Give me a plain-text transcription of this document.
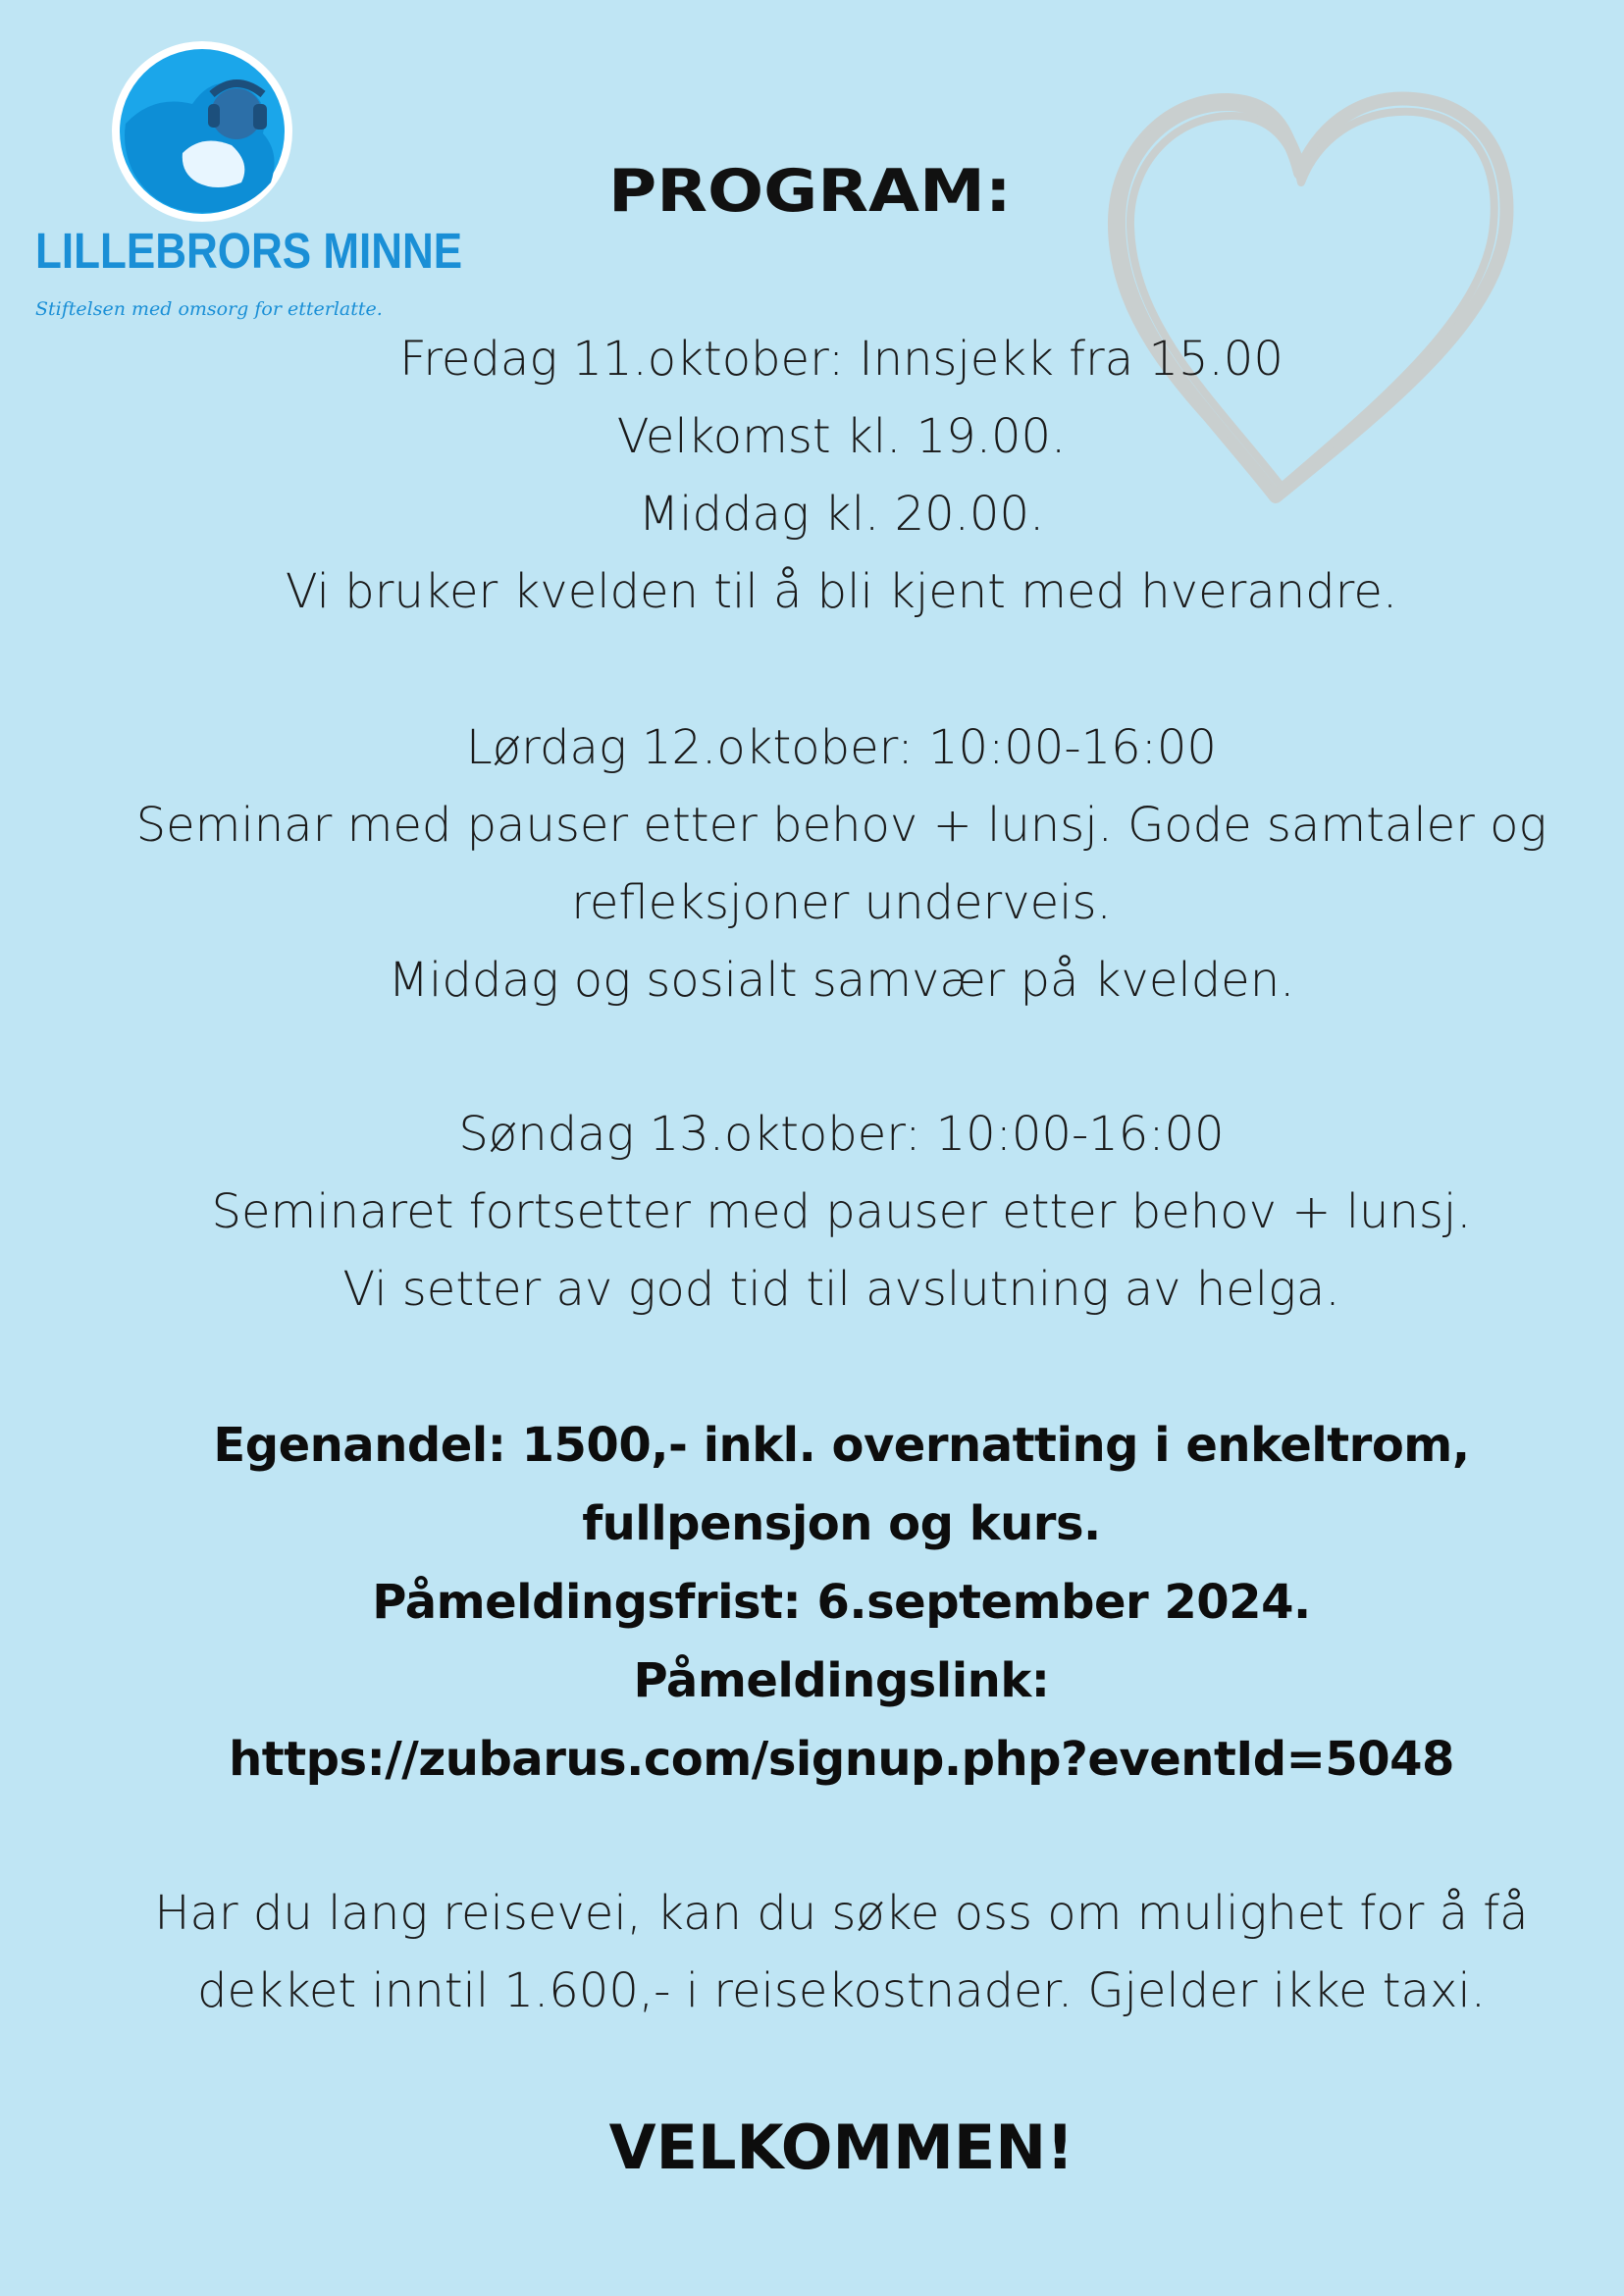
LILLEBRORS MINNE
Stiftelsen med omsorg for etterlatte.
PROGRAM:
Fredag 11.oktober: Innsjekk fra 15.00
Velkomst kl. 19.00.
Middag kl. 20.00.
Vi bruker kvelden til å bli kjent med hverandre.
Lørdag 12.oktober: 10:00-16:00
Seminar med pauser etter behov + lunsj. Gode samtaler og
refleksjoner underveis.
Middag og sosialt samvær på kvelden.
Søndag 13.oktober: 10:00-16:00
Seminaret fortsetter med pauser etter behov + lunsj.
Vi setter av god tid til avslutning av helga.
Egenandel: 1500,- inkl. overnatting i enkeltrom,
fullpensjon og kurs.
Påmeldingsfrist: 6.september 2024.
Påmeldingslink:
https://zubarus.com/signup.php?eventId=5048
Har du lang reisevei, kan du søke oss om mulighet for å få
dekket inntil 1.600,- i reisekostnader. Gjelder ikke taxi.
VELKOMMEN!
